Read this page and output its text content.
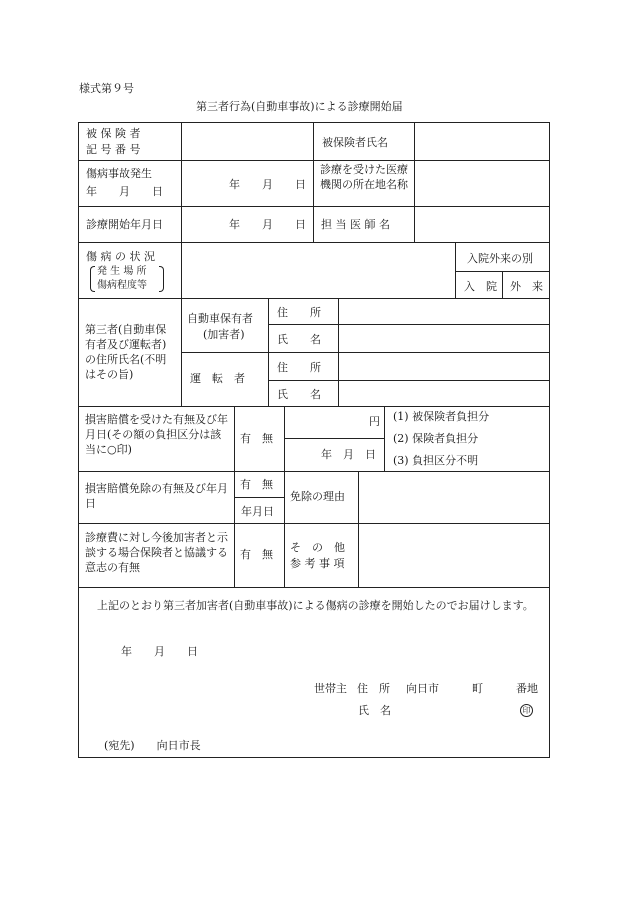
様式第９号
第三者行為(自動車事故)による診療開始届
被 保 険 者
記 号 番 号
被保険者氏名
傷病事故発生
年　　月　　日
年　　月　　日
診療を受けた医療機関の所在地名称
診療開始年月日	年　　月　　日 担 当 医 師 名
傷 病 の 状 況
発 生 場 所
傷病程度等
入院外来の別
入　院 外　来
第三者(自動車保有者及び運転者)の住所氏名(不明はその旨)
自動車保有者
(加害者)
運　転　者
住　　所
氏　　名
住　　所
氏　　名
損害賠償を受けた有無及び年月日(その額の負担区分は該当に○印)
有　無
円
年　月　日
(1) 被保険者負担分
(2) 保険者負担分
(3) 負担区分不明
損害賠償免除の有無及び年月日
有　無
年月日
免除の理由
診療費に対し今後加害者と示談する場合保険者と協議する意志の有無
有　無
そ　の　他
参 考 事 項
上記のとおり第三者加害者(自動車事故)による傷病の診療を開始したのでお届けします。
年　　月　　日
世帯主 住　所 向日市　　　町　　　番地
氏　名	印
(宛先)　　向日市長
